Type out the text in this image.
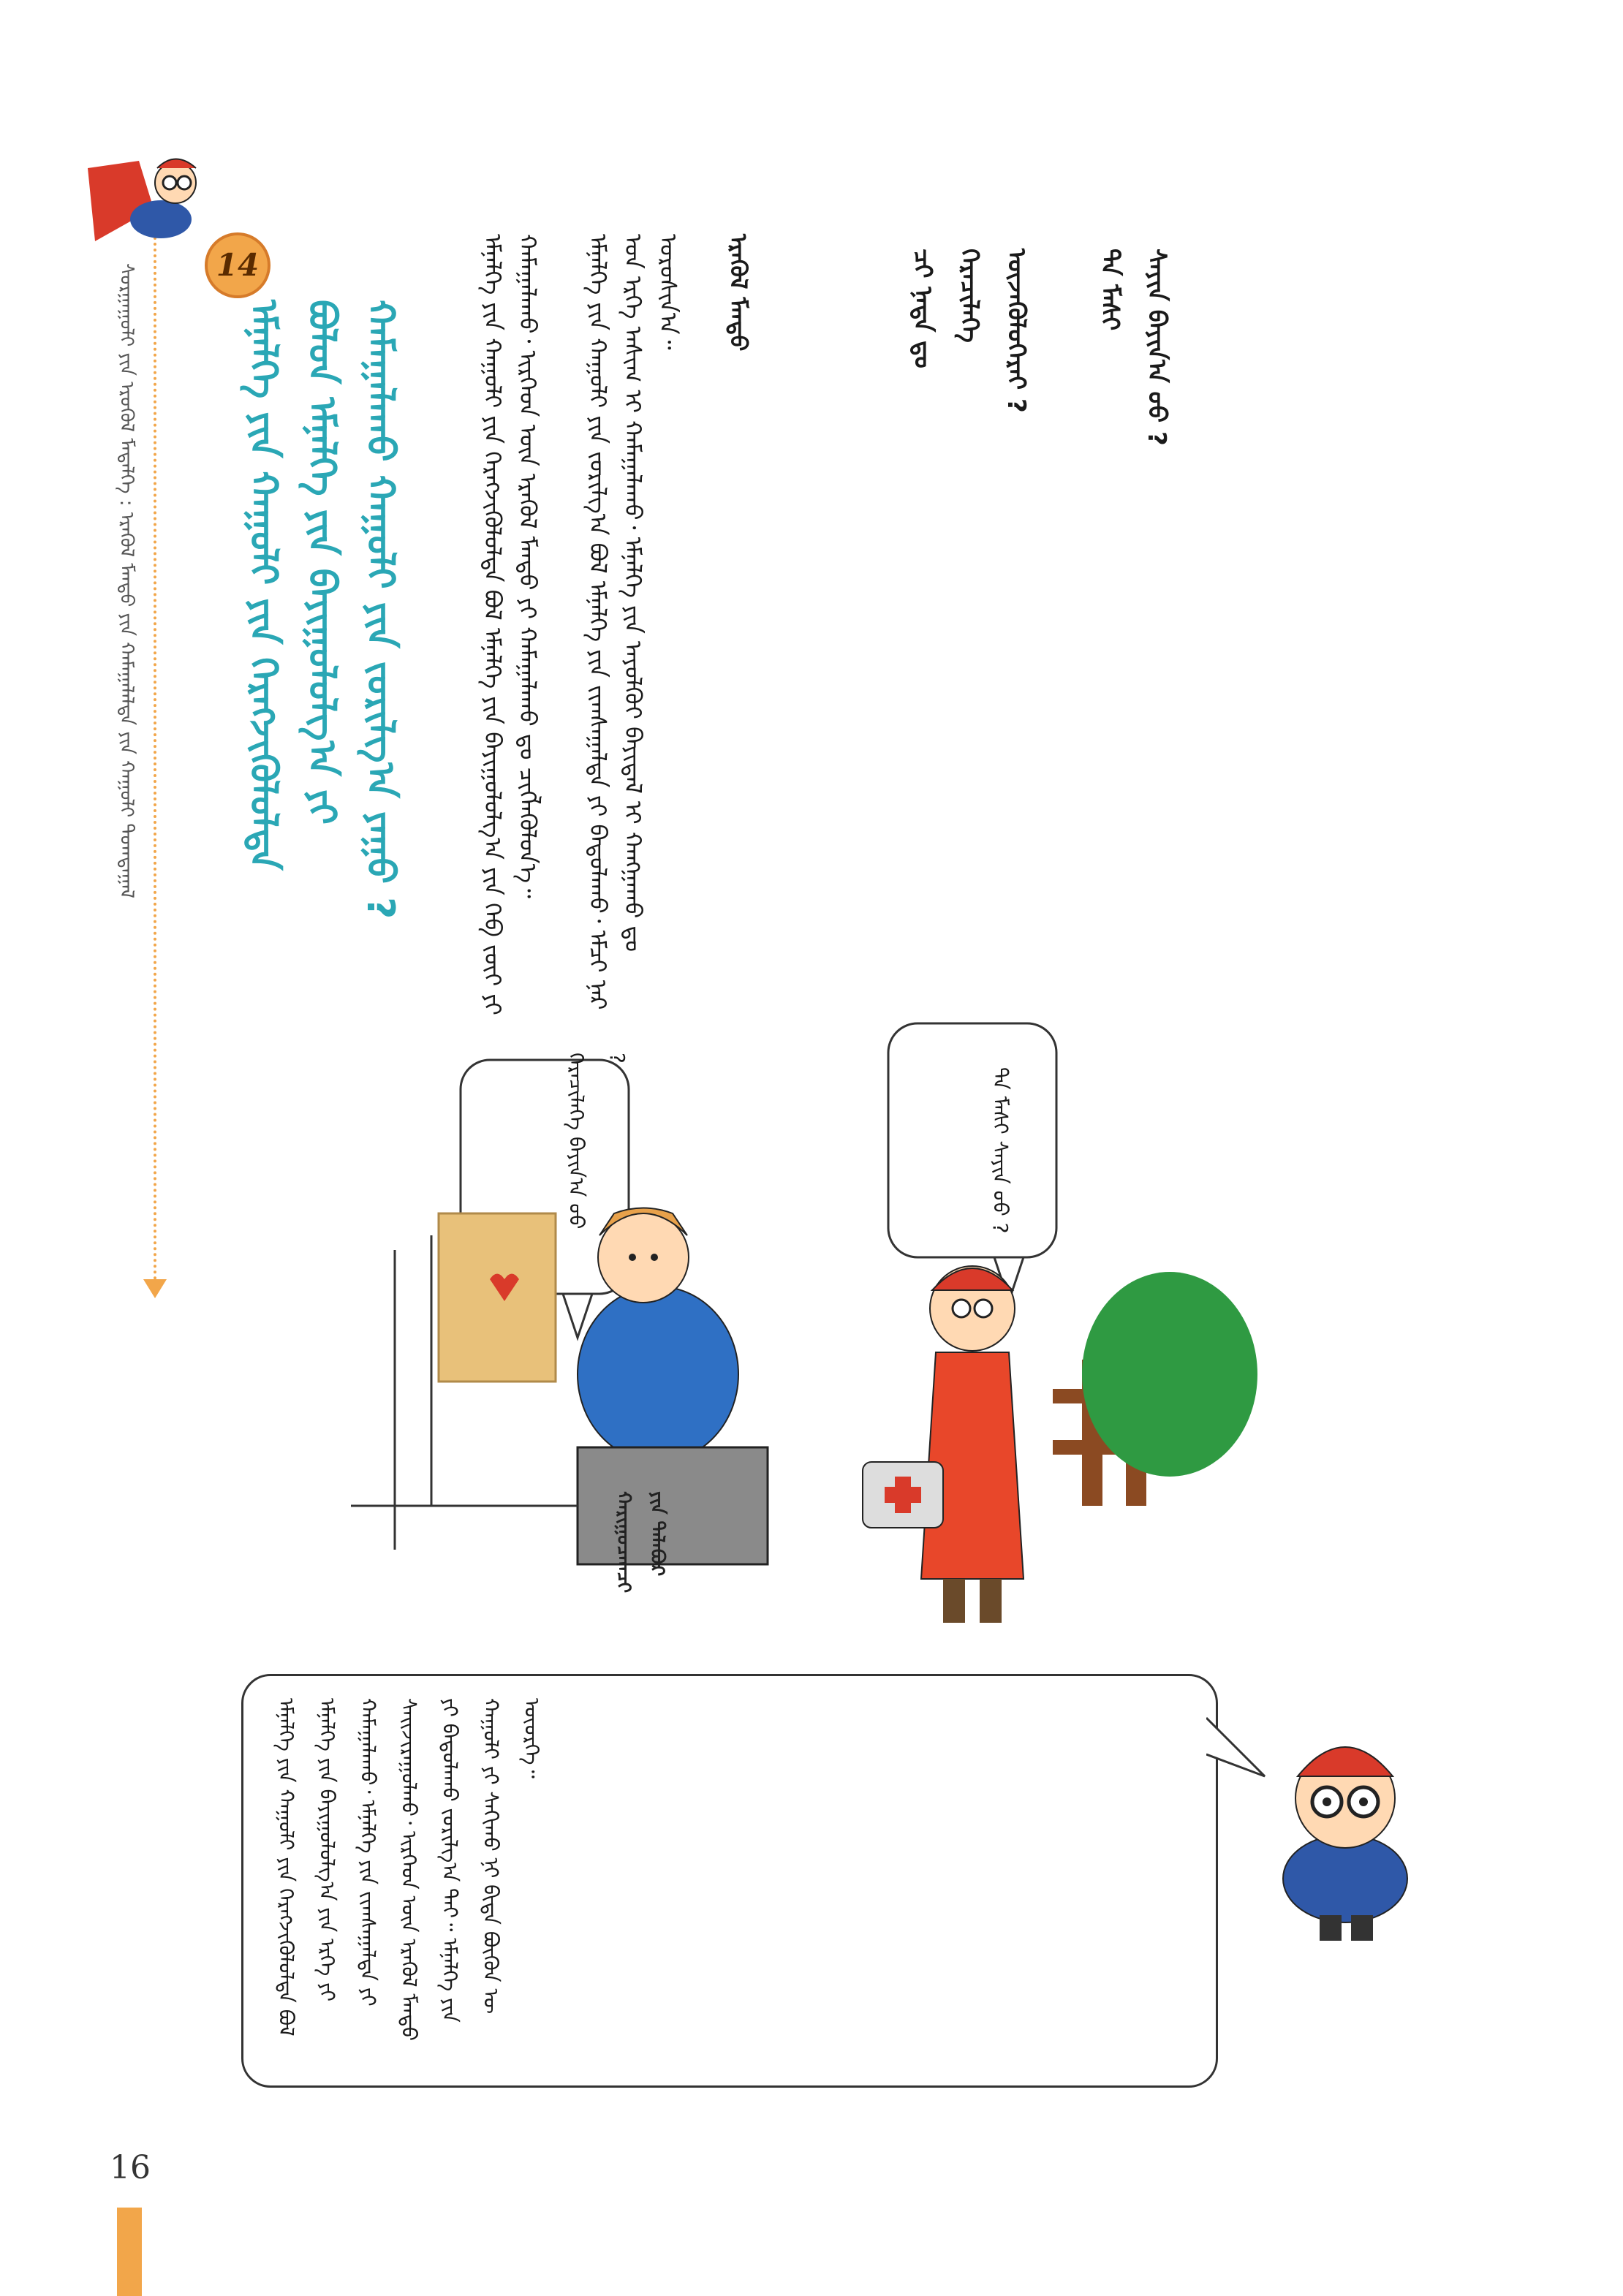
ᠰᠤᠷᠭᠠᠭᠤᠯᠢ ᠶᠢᠨ ᠡᠷᠦᠬᠦᠯ ᠮᠡᠳᠡᠯᠭᠡ : ᠡᠷᠡᠭᠦᠯ ᠮᠡᠨᠳᠦ ᠶᠢᠨ ᠬᠠᠮᠠᠭᠠᠯᠠᠯᠲᠠ ᠶᠢᠨ ᠬᠠᠭᠤᠯᠢ ᠲᠣᠭᠲᠠᠭᠠᠯ	14
ᠡᠮᠨᠡᠯᠭᠡ ᠶᠢᠨ ᠬᠠᠭᠤᠯᠢ ᠶᠢᠨ ᠬᠡᠷᠡᠭᠵᠢᠭᠦᠯᠦᠯᠲᠡ ᠪᠣᠯᠤᠨ ᠡᠮᠨᠡᠯᠭᠡ ᠶᠢᠨ ᠪᠠᠶᠢᠭᠤᠯᠤᠯᠭ᠎ᠠ ᠶᠢ ᠬᠠᠮᠠᠭᠠᠯᠠᠬᠤ ᠬᠠᠭᠤᠯᠢ ᠶᠢᠨ ᠵᠣᠷᠢᠯᠭ᠎ᠠ ᠶᠠᠭᠤ ?	ᠡᠮᠨᠡᠯᠭᠡ ᠶᠢᠨ ᠬᠠᠭᠤᠯᠢ ᠶᠢᠨ ᠬᠡᠷᠡᠭᠵᠢᠭᠦᠯᠦᠯᠲᠡ ᠪᠣᠯ ᠡᠮᠨᠡᠯᠭᠡ ᠶᠢᠨ ᠪᠠᠶᠢᠭᠤᠯᠤᠯᠭ᠎ᠠ ᠶᠢᠨ ᠬᠡᠪ ᠵᠦᠢ ᠶᠢ ᠬᠠᠮᠠᠭᠠᠯᠠᠬᠤ᠂ ᠢᠷᠭᠡᠳ ᠦᠨ ᠡᠷᠡᠭᠦᠯ ᠮᠡᠨᠳᠦ ᠶᠢ ᠬᠠᠮᠠᠭᠠᠯᠠᠬᠤ ᠳᠤ ᠴᠢᠭᠯᠡᠭᠦᠯᠦᠨ᠎ᠡ᠃ ᠡᠮᠨᠡᠯᠭᠡ ᠶᠢᠨ ᠬᠠᠭᠤᠯᠢ ᠶᠢᠨ ᠵᠣᠷᠢᠯᠭ᠎ᠠ ᠪᠣᠯ ᠡᠮᠨᠡᠯᠭᠡ ᠶᠢᠨ ᠵᠢᠭᠰᠠᠭᠠᠯᠲᠠ ᠶᠢ ᠪᠠᠲᠤᠯᠠᠬᠤ᠂ ᠡᠮᠴᠢ ᠨᠠᠷ ᠤᠨ ᠡᠷᠬᠡ ᠠᠰᠢᠭ ᠢ ᠬᠠᠮᠠᠭᠠᠯᠠᠬᠤ᠂ ᠡᠮᠨᠡᠯᠭᠡ ᠶᠢᠨ ᠠᠶᠤᠯᠭᠦᠢ ᠪᠠᠶᠢᠳᠠᠯ ᠢ ᠬᠠᠩᠭᠠᠬᠤ ᠳᠤ ᠤᠷᠤᠰᠢᠨ᠎ᠠ᠃ ᠡᠷᠡᠭᠦᠯ ᠮᠡᠨᠳᠦ	ᠴᠢ ᠨᠠᠳᠠ ᠳᠤ ᠭᠡᠷᠡᠴᠢᠯᠡᠭᠡ ᠦᠵᠡᠭᠦᠯᠦᠭᠡᠷᠡᠢ ?	ᠲᠠ ᠮᠠᠰᠢ ᠰᠠᠶᠢᠨ ᠪᠠᠶᠢᠨ᠎ᠠ ᠤᠤ ?
ᠭᠡᠷᠡᠴᠢᠯᠡᠭᠡ ᠪᠠᠶᠢᠨ᠎ᠠ ᠤᠤ ?
ᠲᠠ ᠮᠠᠰᠢ ᠰᠠᠶᠢᠨ ᠤᠤ ?
ᠬᠠᠷᠢᠭᠤᠴᠠᠭᠴᠢ ᠶᠢᠨ ᠲᠠᠯᠠᠪᠤᠷ
ᠡᠮᠨᠡᠯᠭᠡ ᠶᠢᠨ ᠬᠠᠭᠤᠯᠢ ᠶᠢᠨ ᠬᠡᠷᠡᠭᠵᠢᠭᠦᠯᠦᠯᠲᠡ ᠪᠣᠯ ᠡᠮᠨᠡᠯᠭᠡ ᠶᠢᠨ ᠪᠠᠶᠢᠭᠤᠯᠤᠯᠭ᠎ᠠ ᠶᠢᠨ ᠡᠷᠬᠡ ᠶᠢ ᠬᠠᠮᠠᠭᠠᠯᠠᠬᠤ᠂ ᠡᠮᠨᠡᠯᠭᠡ ᠶᠢᠨ ᠵᠢᠭᠰᠠᠭᠠᠯᠲᠠ ᠶᠢ ᠰᠠᠢᠵᠢᠷᠠᠭᠤᠯᠬᠤ᠂ ᠢᠷᠭᠡᠳ ᠦᠨ ᠡᠷᠡᠭᠦᠯ ᠮᠡᠨᠳᠦ ᠶᠢ ᠪᠠᠲᠤᠯᠠᠬᠤ ᠵᠣᠷᠢᠯᠭ᠎ᠠ ᠲᠠᠢ᠃ ᠡᠮᠨᠡᠯᠭᠡ ᠶᠢᠨ ᠬᠠᠭᠤᠯᠢ ᠶᠢ ᠰᠠᠬᠢᠬᠤ ᠨᠢ ᠪᠢᠳᠡ ᠪᠦᠬᠦᠨ ᠦ ᠦᠦᠷᠭᠡ᠃
16
